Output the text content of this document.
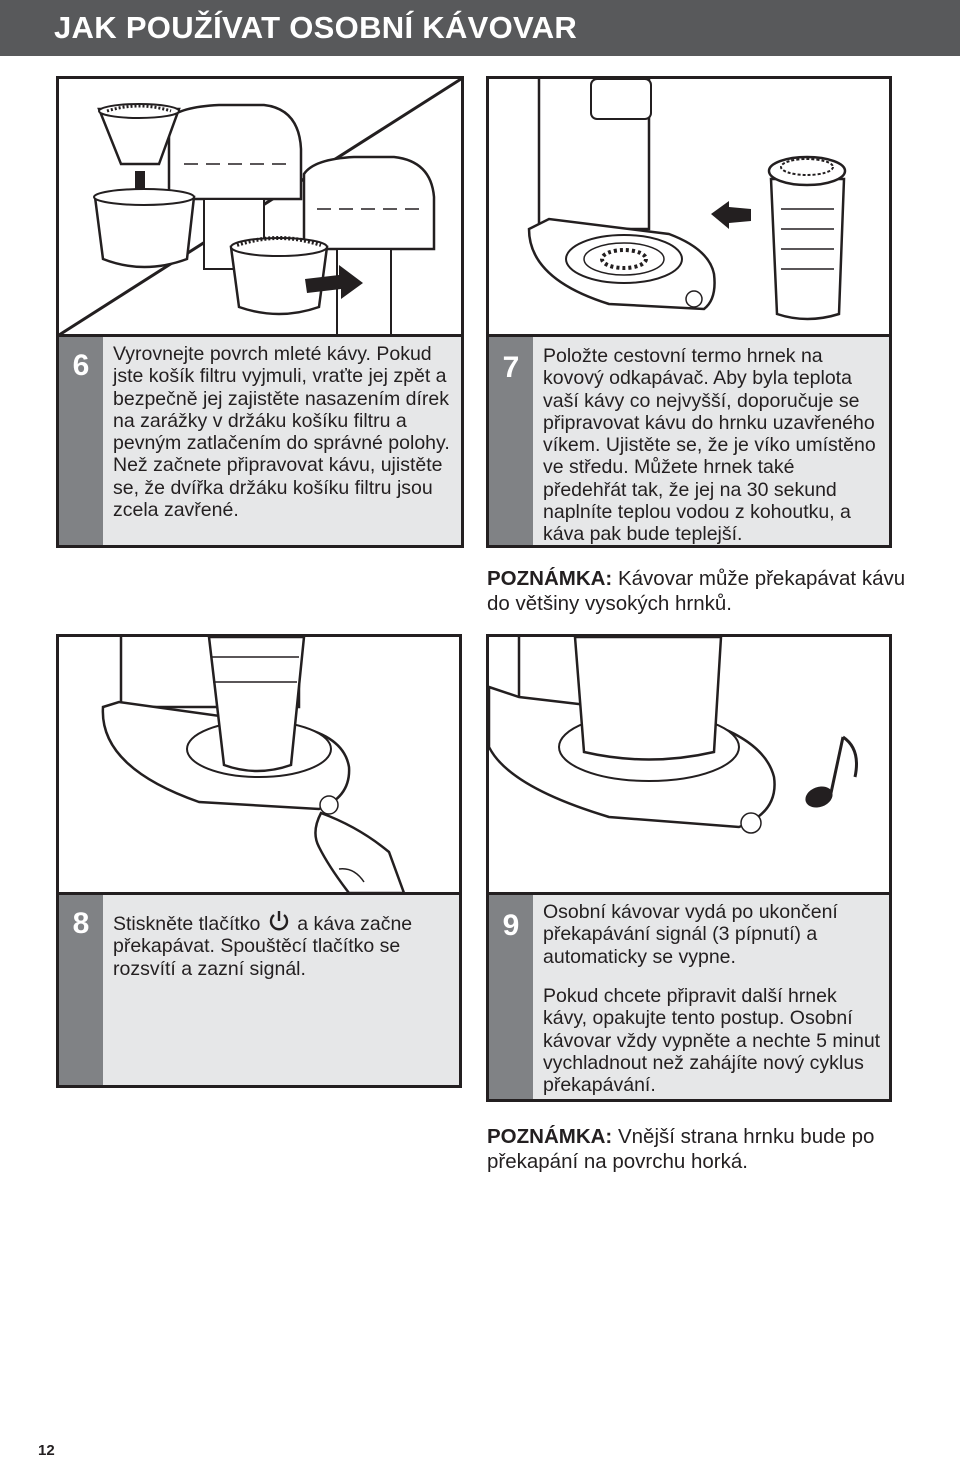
JAK POUŽÍVAT OSOBNÍ KÁVOVAR
6	Vyrovnejte povrch mleté kávy. Pokud jste košík filtru vyjmuli, vraťte jej zpět a bezpečně jej zajistěte nasazením dírek na zarážky v držáku košíku filtru a pevným zatlačením do správné polohy. Než začnete připravovat kávu, ujistěte se, že dvířka držáku košíku filtru jsou zcela zavřené.
7	Položte cestovní termo hrnek na kovový odkapávač. Aby byla teplota vaší kávy co nejvyšší, doporučuje se připravovat kávu do hrnku uzavřeného víkem. Ujistěte se, že je víko umístěno ve středu. Můžete hrnek také předehřát tak, že jej na 30 sekund naplníte teplou vodou z kohoutku, a káva pak bude teplejší.
POZNÁMKA: Kávovar může překapávat kávu do většiny vysokých hrnků.
8	Stiskněte tlačítko a káva začne překapávat. Spouštěcí tlačítko se rozsvítí a zazní signál.
9	Osobní kávovar vydá po ukončení překapávání signál (3 pípnutí) a automaticky se vypne.
Pokud chcete připravit další hrnek kávy, opakujte tento postup. Osobní kávovar vždy vypněte a nechte 5 minut vychladnout než zahájíte nový cyklus překapávání.
POZNÁMKA: Vnější strana hrnku bude po překapání na povrchu horká.
12
